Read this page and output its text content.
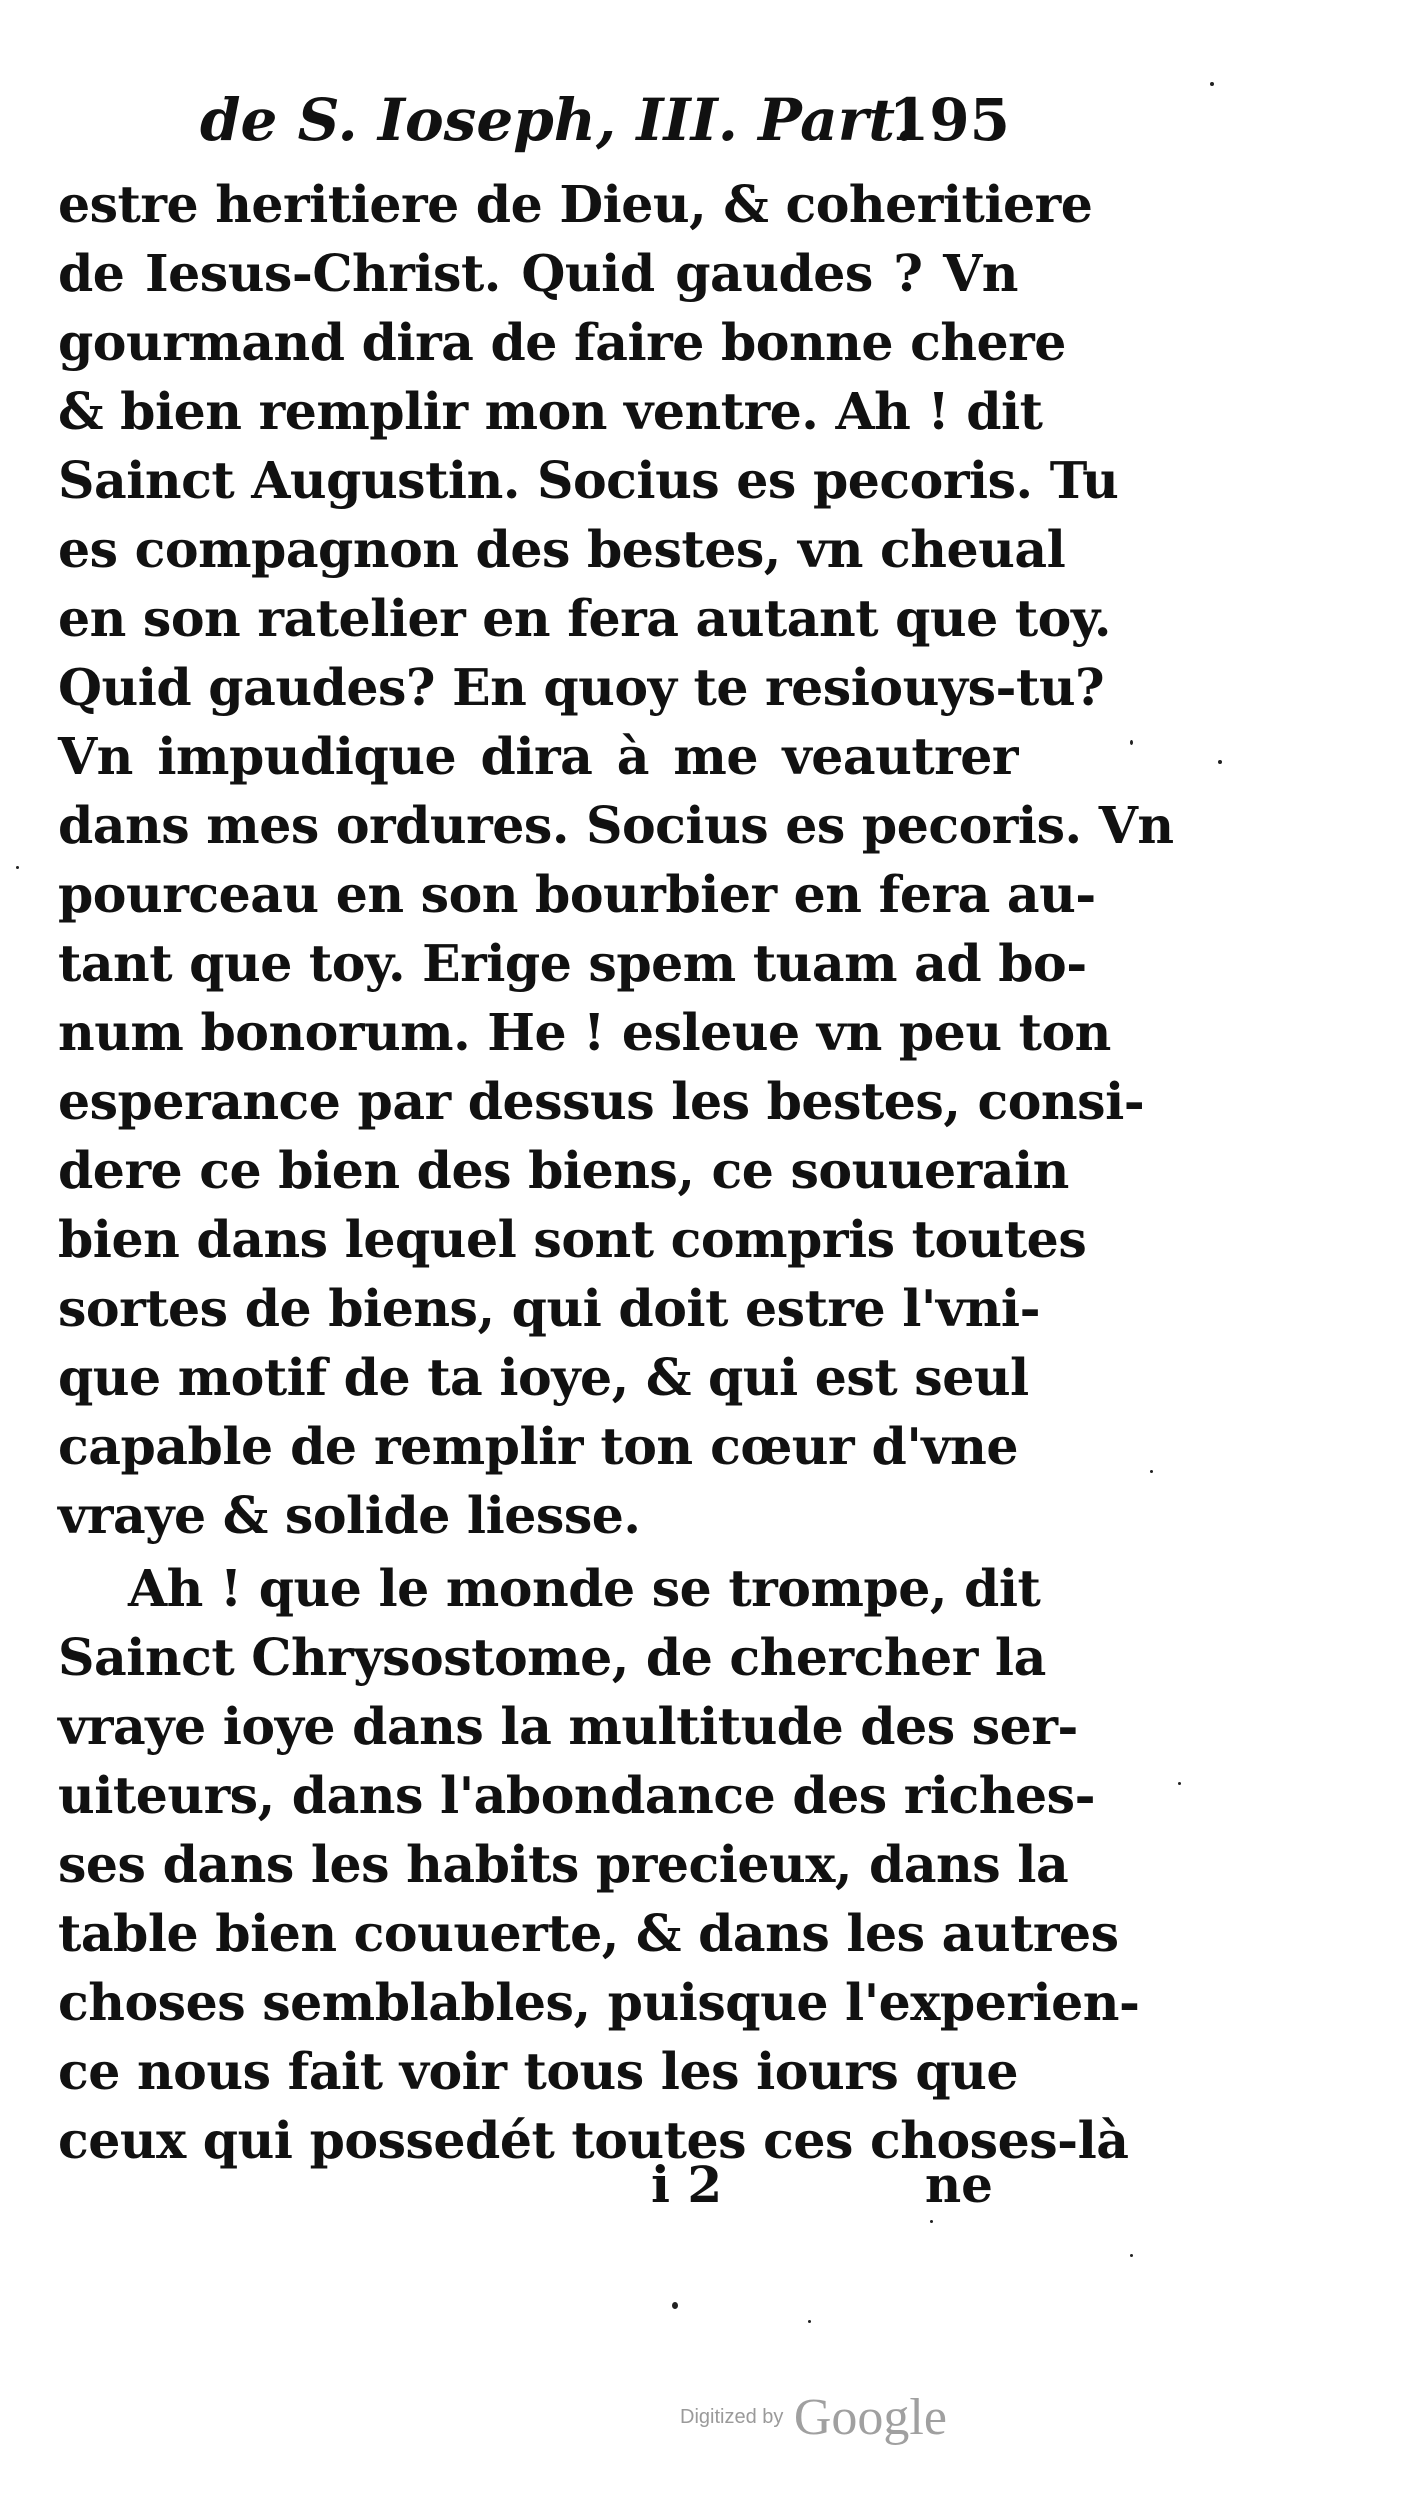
de S. Ioseph, III. Part.
195
estre heritiere de Dieu, & coheritiere
de Iesus-Christ. Quid gaudes ? Vn
gourmand dira de faire bonne chere
& bien remplir mon ventre. Ah ! dit
Sainct Augustin. Socius es pecoris. Tu
es compagnon des bestes, vn cheual
en son ratelier en fera autant que toy.
Quid gaudes? En quoy te resiouys-tu?
Vn impudique dira à me veautrer
dans mes ordures. Socius es pecoris. Vn
pourceau en son bourbier en fera au-
tant que toy. Erige spem tuam ad bo-
num bonorum. He ! esleue vn peu ton
esperance par dessus les bestes, consi-
dere ce bien des biens, ce souuerain
bien dans lequel sont compris toutes
sortes de biens, qui doit estre l'vni-
que motif de ta ioye, & qui est seul
capable de remplir ton cœur d'vne
vraye & solide liesse.
Ah ! que le monde se trompe, dit
Sainct Chrysostome, de chercher la
vraye ioye dans la multitude des ser-
uiteurs, dans l'abondance des riches-
ses dans les habits precieux, dans la
table bien couuerte, & dans les autres
choses semblables, puisque l'experien-
ce nous fait voir tous les iours que
ceux qui possedét toutes ces choses-là
i 2	ne
Digitized by Google
